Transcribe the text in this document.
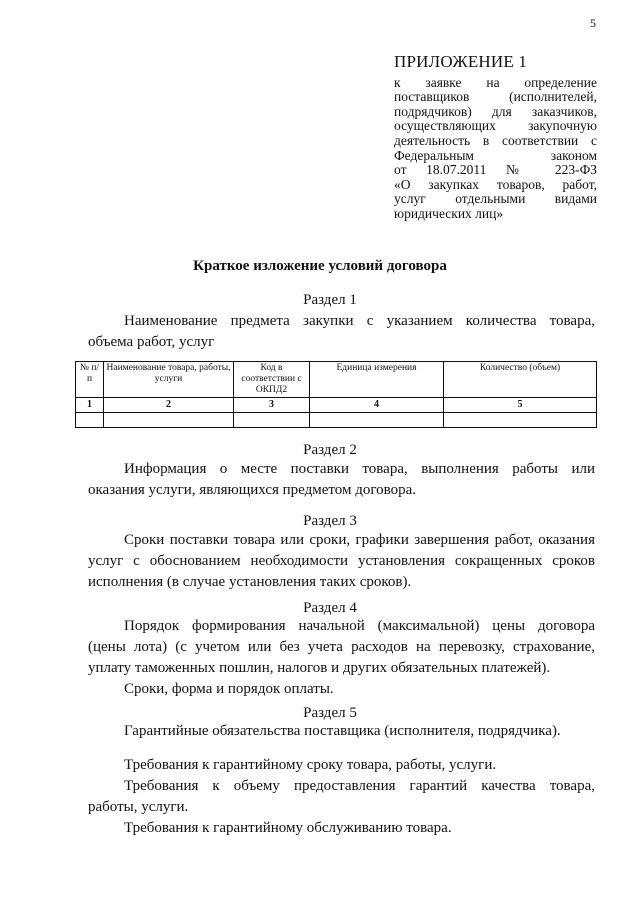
5
ПРИЛОЖЕНИЕ 1
к заявке на определение
поставщиков (исполнителей,
подрядчиков) для заказчиков,
осуществляющих закупочную
деятельность в соответствии с
Федеральным законом
от 18.07.2011 № 223-ФЗ
«О закупках товаров, работ,
услуг отдельными видами
юридических лиц»
Краткое изложение условий договора
Раздел 1
Наименование предмета закупки с указанием количества товара,
объема работ, услуг
№ п/п	Наименование товара, работы, услуги	Код в соответствии с ОКПД2	Единица измерения	Количество (объем)
1	2	3	4	5

Раздел 2
Информация о месте поставки товара, выполнения работы или
оказания услуги, являющихся предметом договора.
Раздел 3
Сроки поставки товара или сроки, графики завершения работ, оказания
услуг с обоснованием необходимости установления сокращенных сроков
исполнения (в случае установления таких сроков).
Раздел 4
Порядок формирования начальной (максимальной) цены договора
(цены лота) (с учетом или без учета расходов на перевозку, страхование,
уплату таможенных пошлин, налогов и других обязательных платежей).
Сроки, форма и порядок оплаты.
Раздел 5
Гарантийные обязательства поставщика (исполнителя, подрядчика).
Требования к гарантийному сроку товара, работы, услуги.
Требования к объему предоставления гарантий качества товара,
работы, услуги.
Требования к гарантийному обслуживанию товара.
